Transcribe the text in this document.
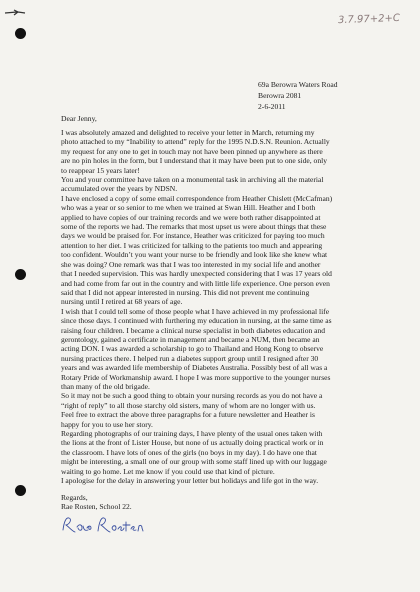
3.7.97+2+C
69a Berowra Waters Road
Berowra 2081
2-6-2011
Dear Jenny,
I was absolutely amazed and delighted to receive your letter in March, returning my
photo attached to my “Inability to attend” reply for the 1995 N.D.S.N. Reunion. Actually
my request for any one to get in touch may not have been pinned up anywhere as there
are no pin holes in the form, but I understand that it may have been put to one side, only
to reappear 15 years later!
You and your committee have taken on a monumental task in archiving all the material
accumulated over the years by NDSN.
I have enclosed a copy of some email correspondence from Heather Chislett (McCafman)
who was a year or so senior to me when we trained at Swan Hill. Heather and I both
applied to have copies of our training records and we were both rather disappointed at
some of the reports we had. The remarks that most upset us were about things that these
days we would be praised for. For instance, Heather was criticized for paying too much
attention to her diet. I was criticized for talking to the patients too much and appearing
too confident. Wouldn’t you want your nurse to be friendly and look like she knew what
she was doing? One remark was that I was too interested in my social life and another
that I needed supervision. This was hardly unexpected considering that I was 17 years old
and had come from far out in the country and with little life experience. One person even
said that I did not appear interested in nursing. This did not prevent me continuing
nursing until I retired at 68 years of age.
I wish that I could tell some of those people what I have achieved in my professional life
since those days. I continued with furthering my education in nursing, at the same time as
raising four children. I became a clinical nurse specialist in both diabetes education and
gerontology, gained a certificate in management and became a NUM, then became an
acting DON. I was awarded a scholarship to go to Thailand and Hong Kong to observe
nursing practices there. I helped run a diabetes support group until I resigned after 30
years and was awarded life membership of Diabetes Australia. Possibly best of all was a
Rotary Pride of Workmanship award. I hope I was more supportive to the younger nurses
than many of the old brigade.
So it may not be such a good thing to obtain your nursing records as you do not have a
“right of reply” to all those starchy old sisters, many of whom are no longer with us.
Feel free to extract the above three paragraphs for a future newsletter and Heather is
happy for you to use her story.
Regarding photographs of our training days, I have plenty of the usual ones taken with
the lions at the front of Lister House, but none of us actually doing practical work or in
the classroom. I have lots of ones of the girls (no boys in my day). I do have one that
might be interesting, a small one of our group with some staff lined up with our luggage
waiting to go home. Let me know if you could use that kind of picture.
I apologise for the delay in answering your letter but holidays and life got in the way.
Regards,
Rae Rosten, School 22.
